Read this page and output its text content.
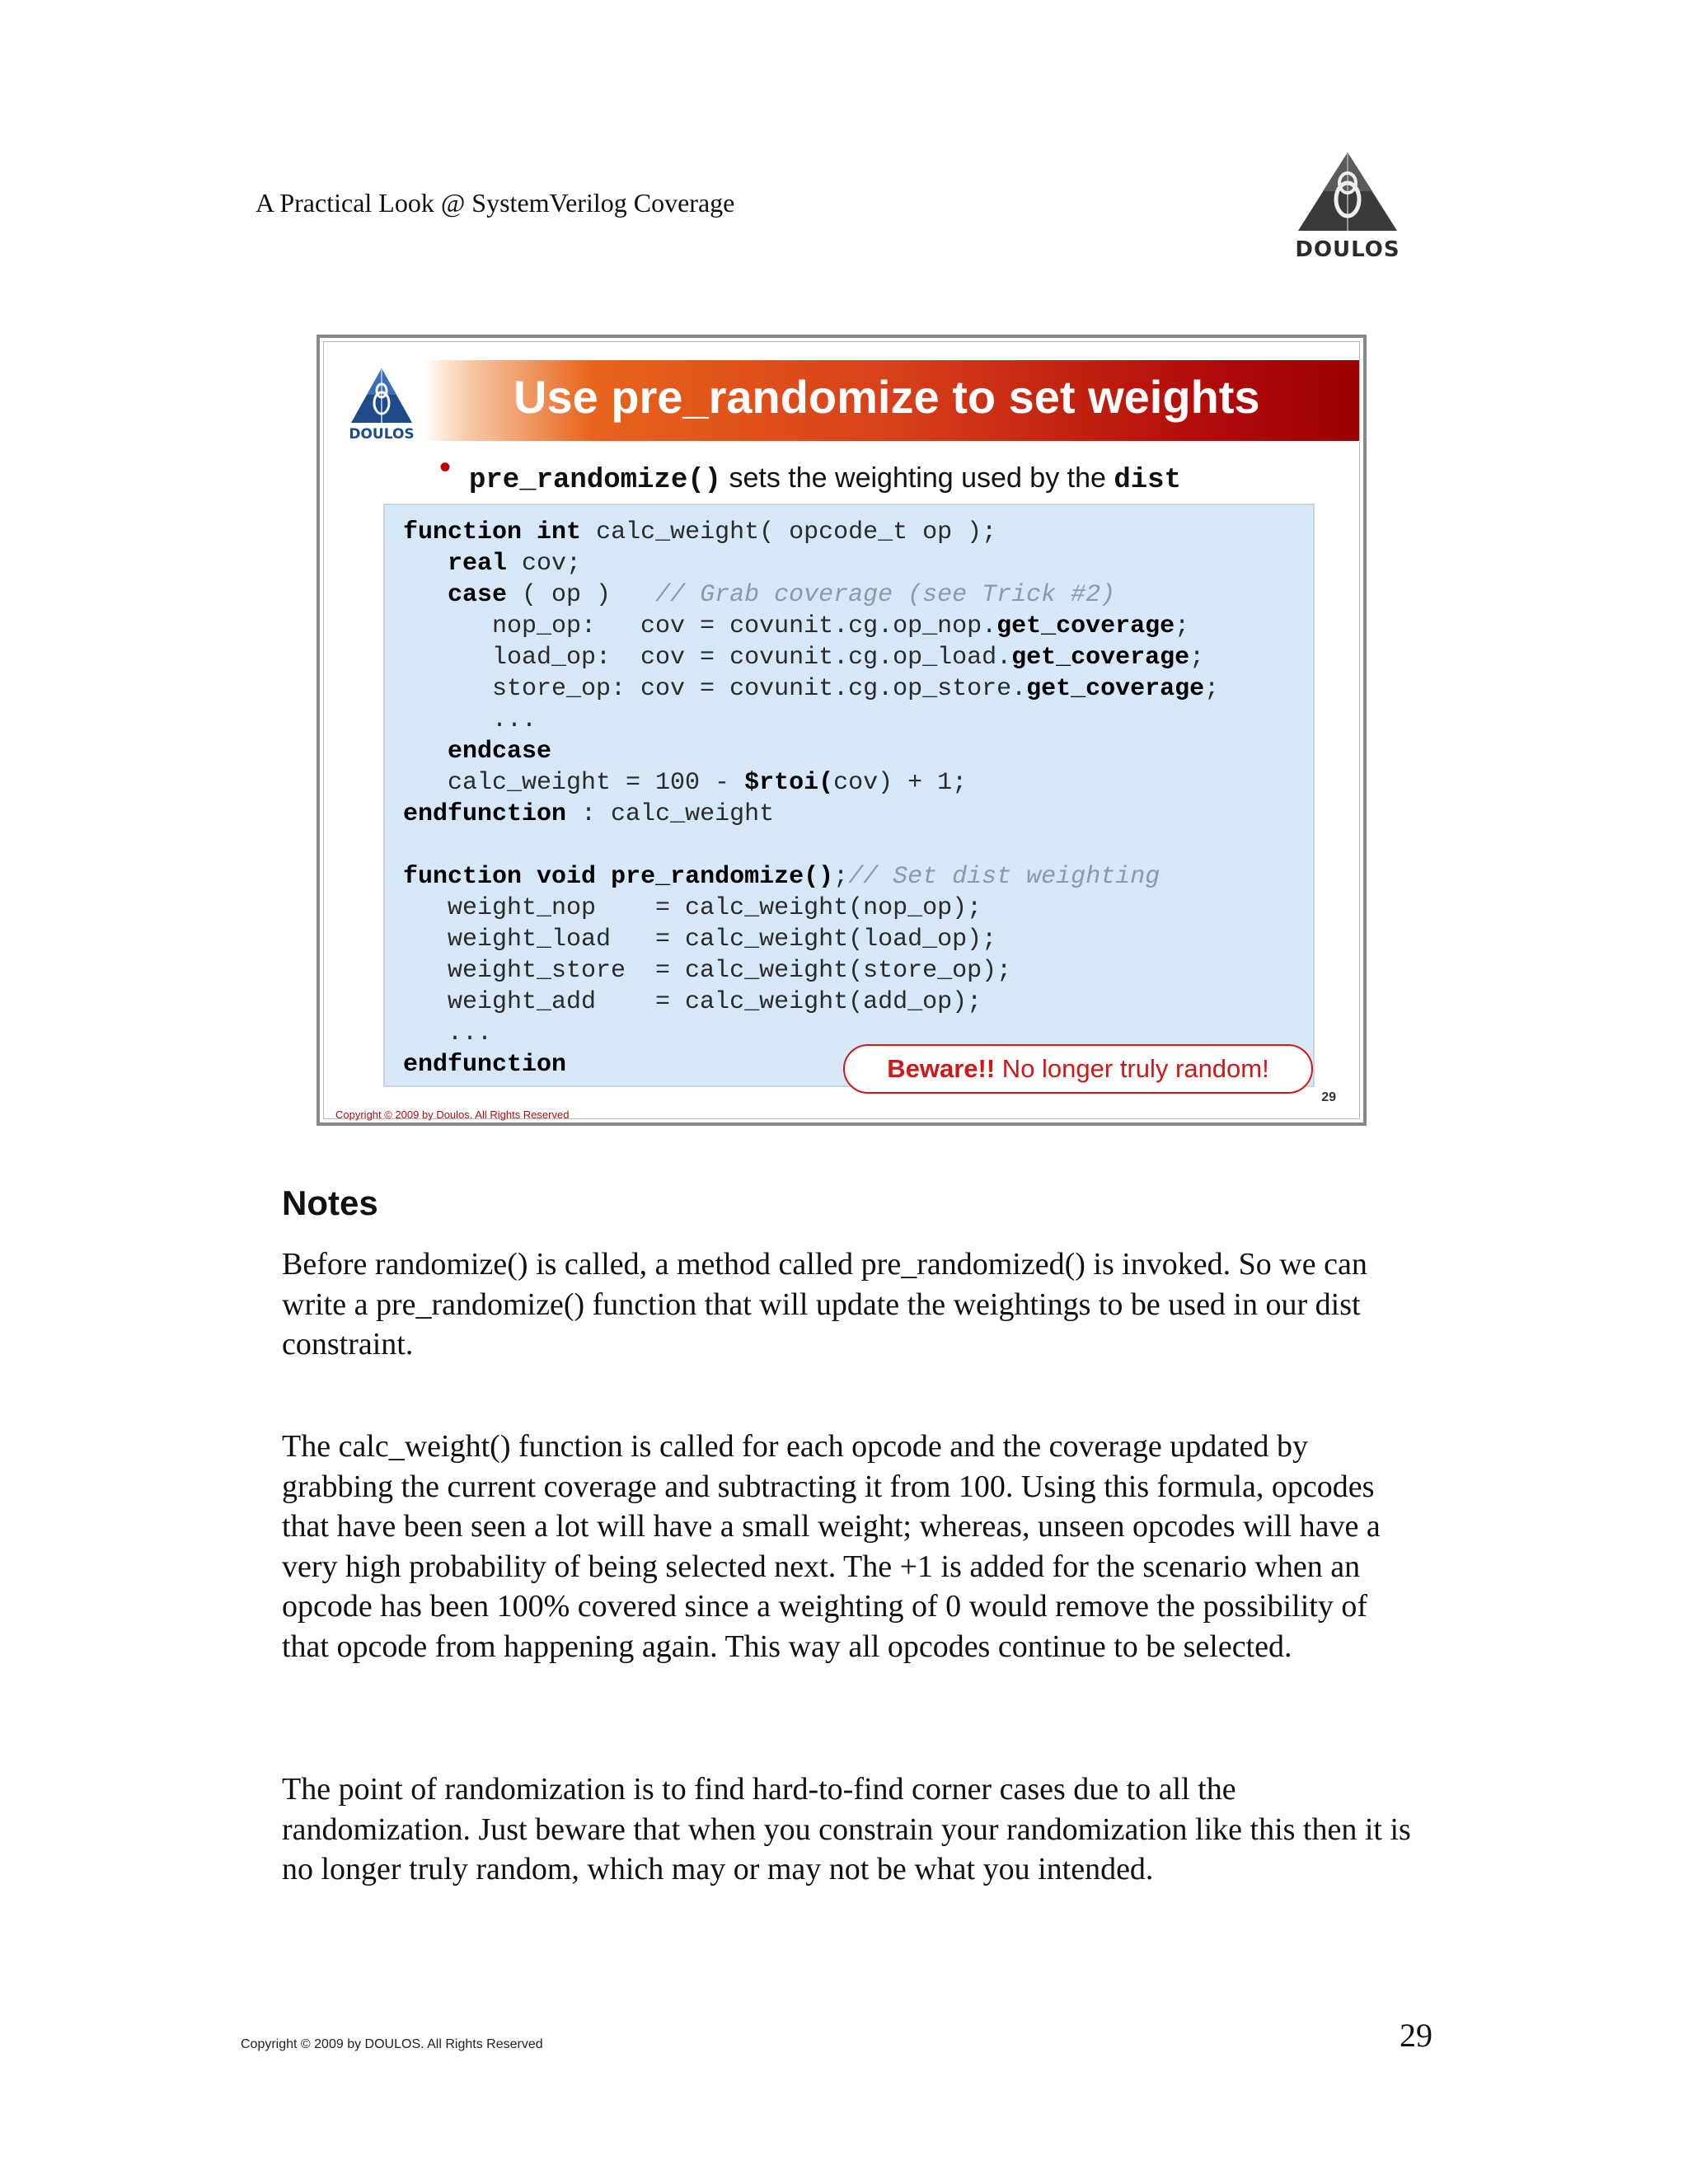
A Practical Look @ SystemVerilog Coverage
DOULOS
Use pre_randomize to set weights
DOULOS
• pre_randomize() sets the weighting used by the dist
function int calc_weight( opcode_t op );
real cov;
case ( op )   // Grab coverage (see Trick #2)
nop_op:   cov = covunit.cg.op_nop.get_coverage;
load_op:  cov = covunit.cg.op_load.get_coverage;
store_op: cov = covunit.cg.op_store.get_coverage;
...
endcase
calc_weight = 100 - $rtoi(cov) + 1;
endfunction : calc_weight

function void pre_randomize();// Set dist weighting
weight_nop    = calc_weight(nop_op);
weight_load   = calc_weight(load_op);
weight_store  = calc_weight(store_op);
weight_add    = calc_weight(add_op);
...
endfunction	Beware!! No longer truly random!
29
Copyright © 2009 by Doulos. All Rights Reserved
Notes

Before randomize() is called, a method called pre_randomized() is invoked. So we can write a pre_randomize() function that will update the weightings to be used in our dist constraint.

The calc_weight() function is called for each opcode and the coverage updated by grabbing the current coverage and subtracting it from 100. Using this formula, opcodes that have been seen a lot will have a small weight; whereas, unseen opcodes will have a very high probability of being selected next. The +1 is added for the scenario when an opcode has been 100% covered since a weighting of 0 would remove the possibility of that opcode from happening again. This way all opcodes continue to be selected.

The point of randomization is to find hard-to-find corner cases due to all the randomization. Just beware that when you constrain your randomization like this then it is no longer truly random, which may or may not be what you intended.

Copyright © 2009 by DOULOS. All Rights Reserved	29
